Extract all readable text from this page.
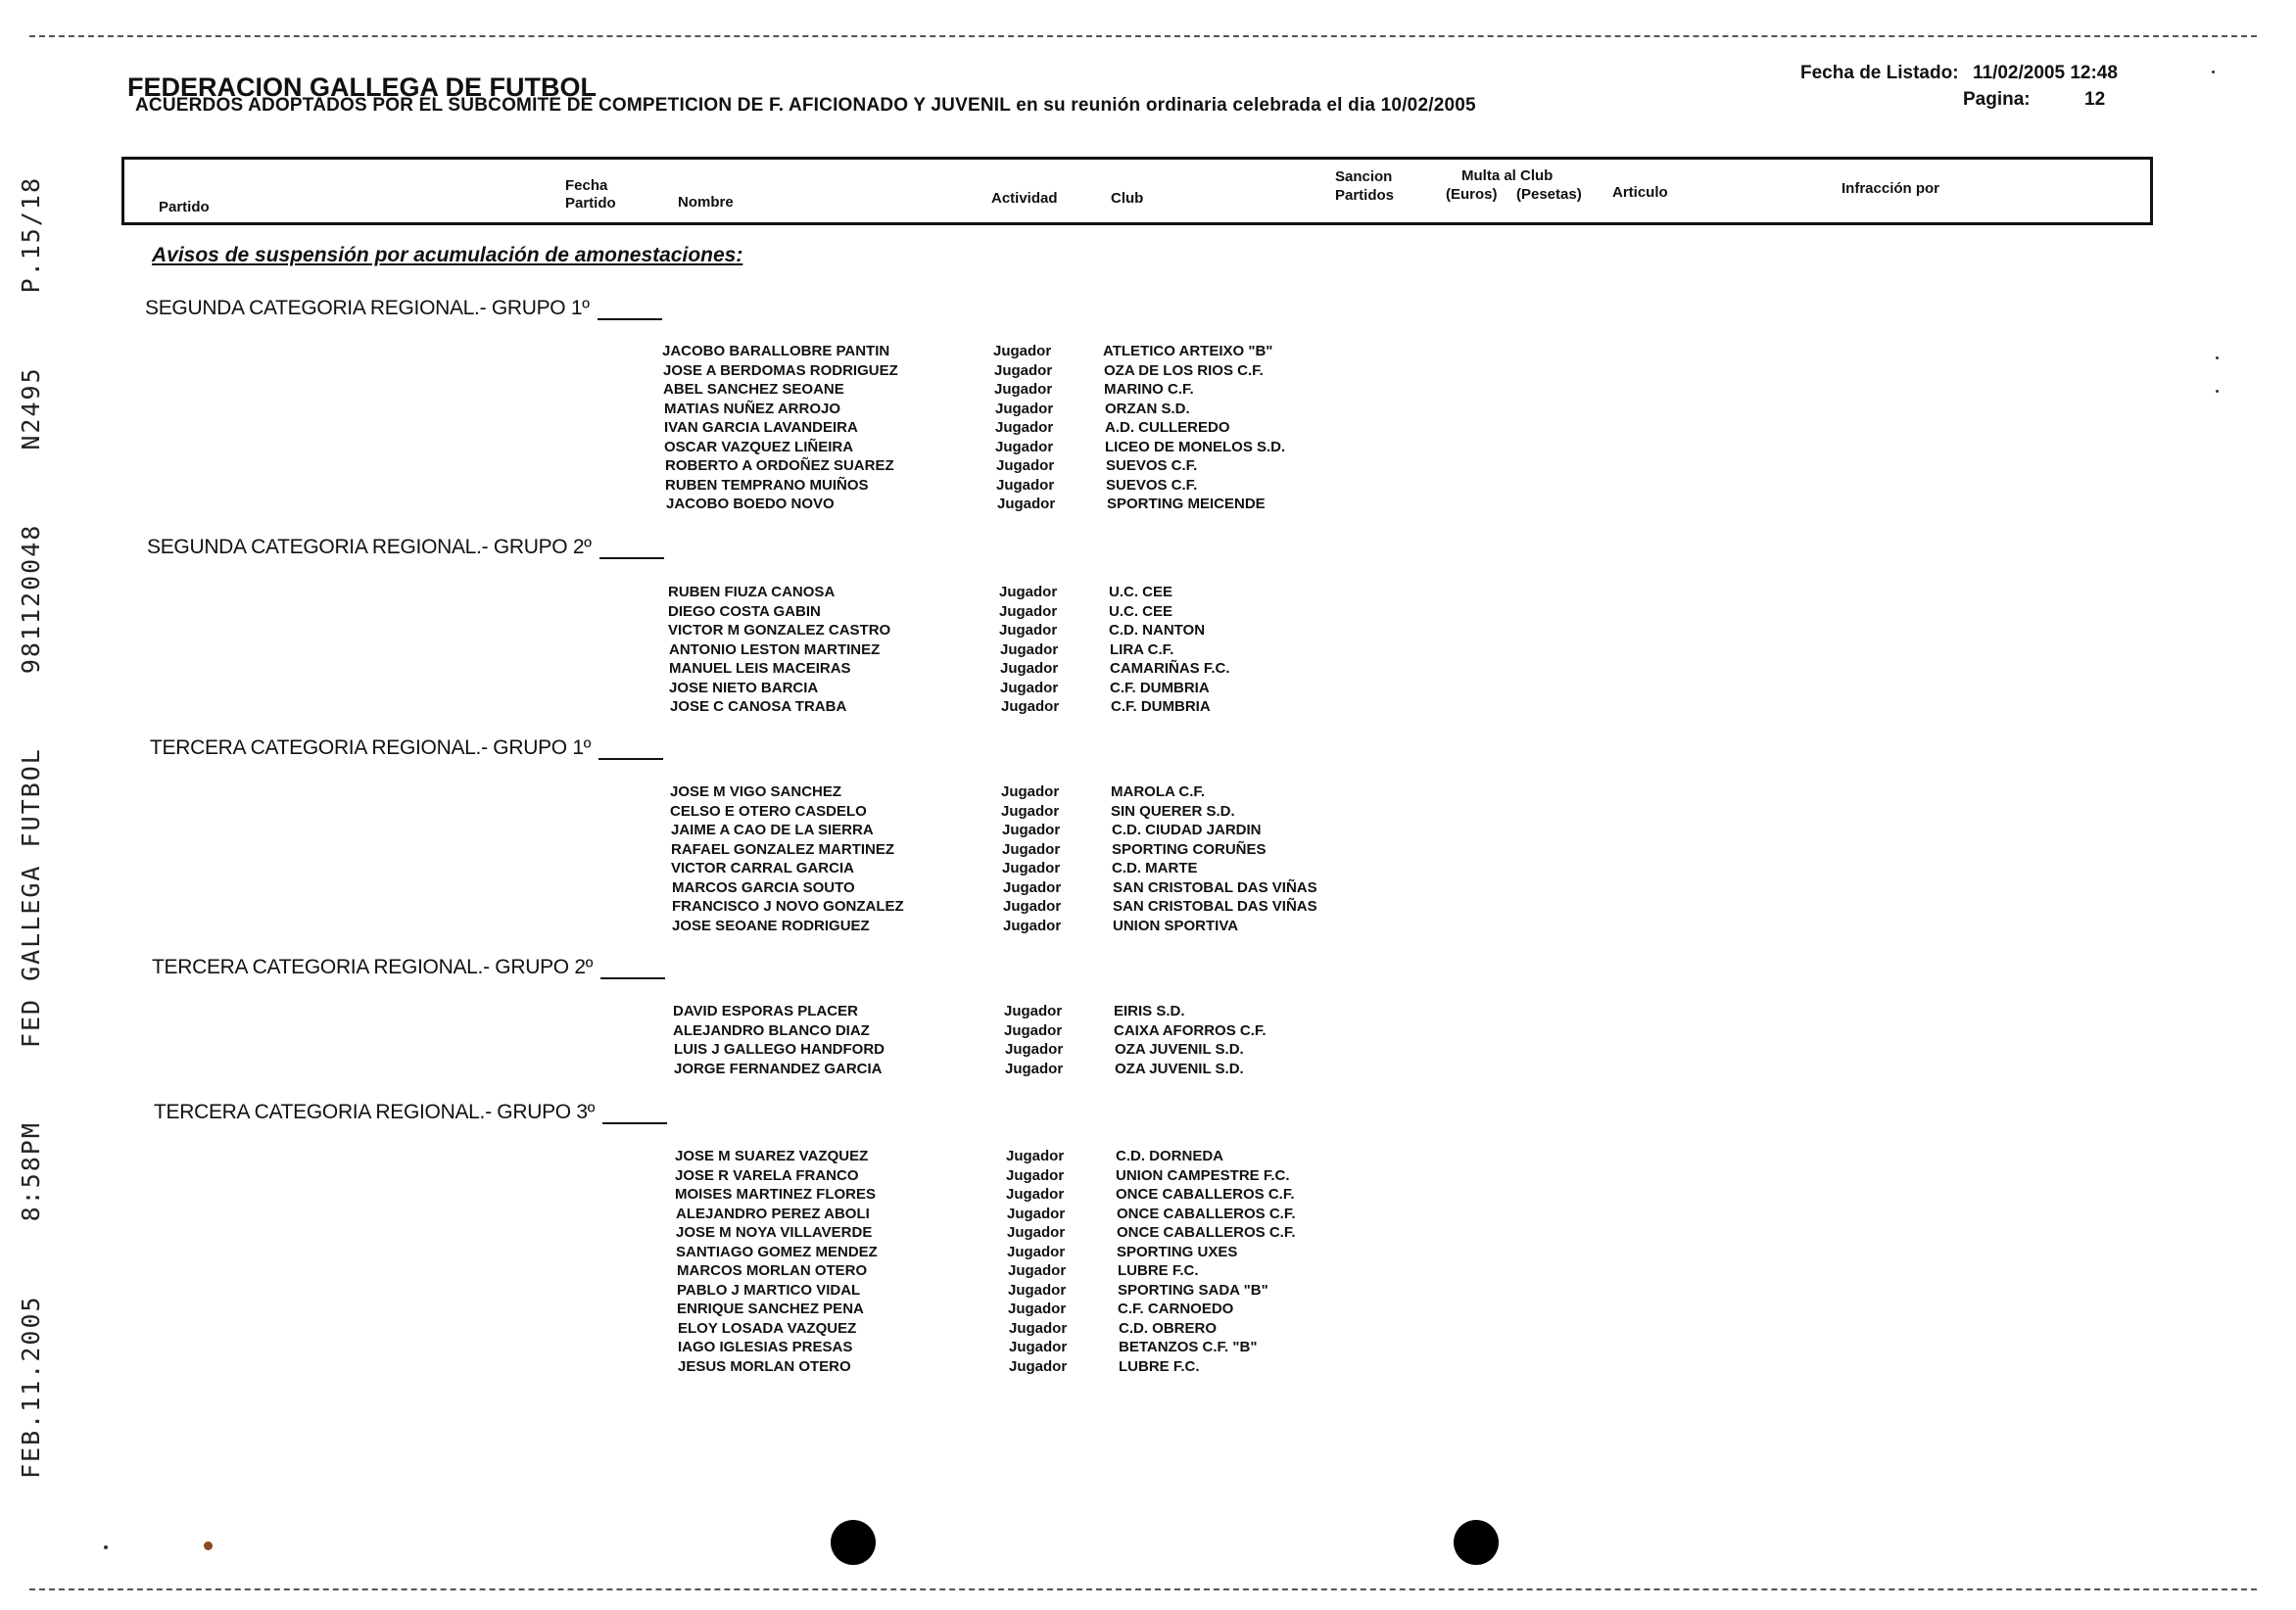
FEB.11.2005
8:58PM
FED GALLEGA FUTBOL
981120048
N2495
P.15/18
FEDERACION GALLEGA DE FUTBOL
ACUERDOS ADOPTADOS POR EL SUBCOMITE DE COMPETICION DE F. AFICIONADO Y JUVENIL en su reunión ordinaria celebrada el dia 10/02/2005
Fecha de Listado: 11/02/2005 12:48
Pagina:	12
Partido
Fecha
Partido	Nombre	Actividad	Club
Sancion
Partidos
Multa al Club
(Euros) (Pesetas) Articulo	Infracción por
Avisos de suspensión por acumulación de amonestaciones:
SEGUNDA CATEGORIA REGIONAL.- GRUPO 1º
JACOBO BARALLOBRE PANTIN	Jugador	ATLETICO ARTEIXO "B"
JOSE A BERDOMAS RODRIGUEZ	Jugador	OZA DE LOS RIOS C.F.
ABEL SANCHEZ SEOANE	Jugador	MARINO C.F.
MATIAS NUÑEZ ARROJO	Jugador	ORZAN S.D.
IVAN GARCIA LAVANDEIRA	Jugador	A.D. CULLEREDO
OSCAR VAZQUEZ LIÑEIRA	Jugador	LICEO DE MONELOS S.D.
ROBERTO A ORDOÑEZ SUAREZ	Jugador	SUEVOS C.F.
RUBEN TEMPRANO MUIÑOS	Jugador	SUEVOS C.F.
JACOBO BOEDO NOVO	Jugador	SPORTING MEICENDE
SEGUNDA CATEGORIA REGIONAL.- GRUPO 2º
RUBEN FIUZA CANOSA	Jugador	U.C. CEE
DIEGO COSTA GABIN	Jugador	U.C. CEE
VICTOR M GONZALEZ CASTRO	Jugador	C.D. NANTON
ANTONIO LESTON MARTINEZ	Jugador	LIRA C.F.
MANUEL LEIS MACEIRAS	Jugador	CAMARIÑAS F.C.
JOSE NIETO BARCIA	Jugador	C.F. DUMBRIA
JOSE C CANOSA TRABA	Jugador	C.F. DUMBRIA
TERCERA CATEGORIA REGIONAL.- GRUPO 1º
JOSE M VIGO SANCHEZ	Jugador	MAROLA C.F.
CELSO E OTERO CASDELO	Jugador	SIN QUERER S.D.
JAIME A CAO DE LA SIERRA	Jugador	C.D. CIUDAD JARDIN
RAFAEL GONZALEZ MARTINEZ	Jugador	SPORTING CORUÑES
VICTOR CARRAL GARCIA	Jugador	C.D. MARTE
MARCOS GARCIA SOUTO	Jugador	SAN CRISTOBAL DAS VIÑAS
FRANCISCO J NOVO GONZALEZ	Jugador	SAN CRISTOBAL DAS VIÑAS
JOSE SEOANE RODRIGUEZ	Jugador	UNION SPORTIVA
TERCERA CATEGORIA REGIONAL.- GRUPO 2º
DAVID ESPORAS PLACER	Jugador	EIRIS S.D.
ALEJANDRO BLANCO DIAZ	Jugador	CAIXA AFORROS C.F.
LUIS J GALLEGO HANDFORD	Jugador	OZA JUVENIL S.D.
JORGE FERNANDEZ GARCIA	Jugador	OZA JUVENIL S.D.
TERCERA CATEGORIA REGIONAL.- GRUPO 3º
JOSE M SUAREZ VAZQUEZ	Jugador	C.D. DORNEDA
JOSE R VARELA FRANCO	Jugador	UNION CAMPESTRE F.C.
MOISES MARTINEZ FLORES	Jugador	ONCE CABALLEROS C.F.
ALEJANDRO PEREZ ABOLI	Jugador	ONCE CABALLEROS C.F.
JOSE M NOYA VILLAVERDE	Jugador	ONCE CABALLEROS C.F.
SANTIAGO GOMEZ MENDEZ	Jugador	SPORTING UXES
MARCOS MORLAN OTERO	Jugador	LUBRE F.C.
PABLO J MARTICO VIDAL	Jugador	SPORTING SADA "B"
ENRIQUE SANCHEZ PENA	Jugador	C.F. CARNOEDO
ELOY LOSADA VAZQUEZ	Jugador	C.D. OBRERO
IAGO IGLESIAS PRESAS	Jugador	BETANZOS C.F. "B"
JESUS MORLAN OTERO	Jugador	LUBRE F.C.
